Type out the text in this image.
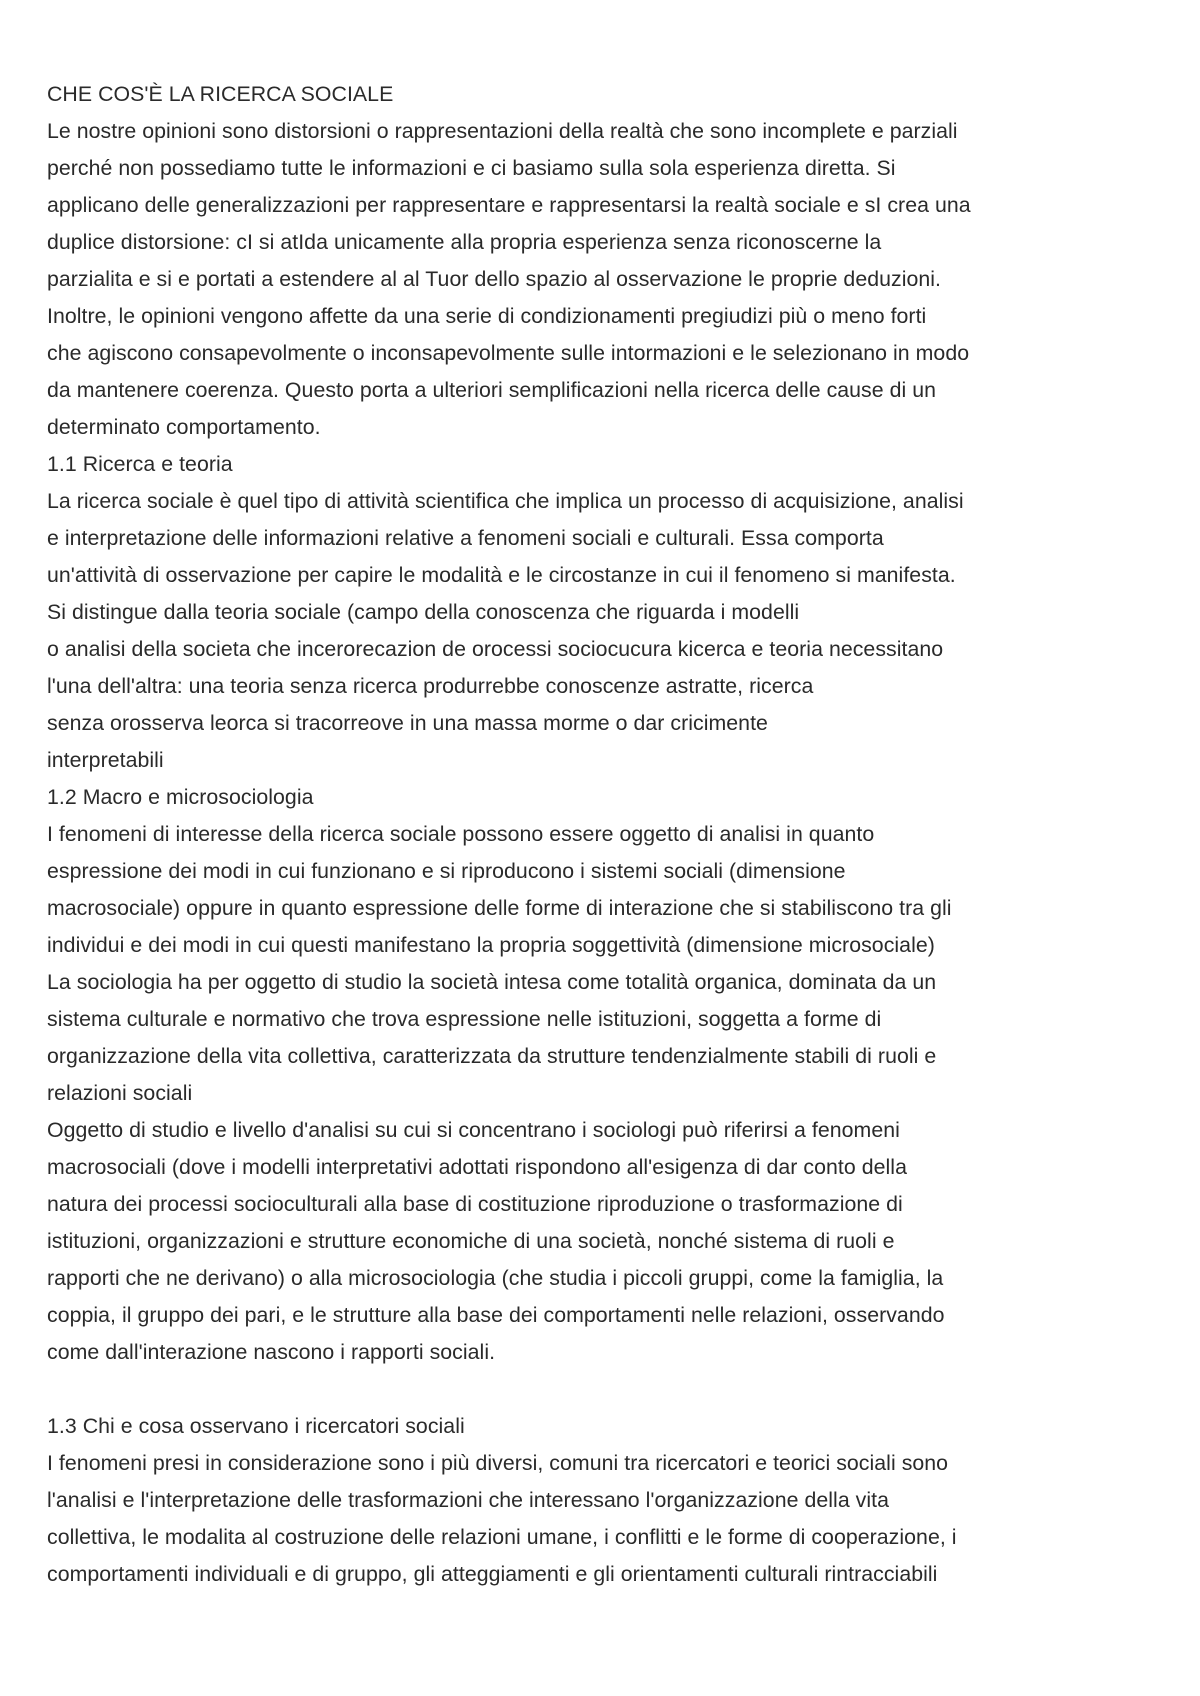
CHE COS'È LA RICERCA SOCIALE
Le nostre opinioni sono distorsioni o rappresentazioni della realtà che sono incomplete e parziali
perché non possediamo tutte le informazioni e ci basiamo sulla sola esperienza diretta. Si
applicano delle generalizzazioni per rappresentare e rappresentarsi la realtà sociale e sI crea una
duplice distorsione: cI si atIda unicamente alla propria esperienza senza riconoscerne la
parzialita e si e portati a estendere al al Tuor dello spazio al osservazione le proprie deduzioni.
Inoltre, le opinioni vengono affette da una serie di condizionamenti pregiudizi più o meno forti
che agiscono consapevolmente o inconsapevolmente sulle intormazioni e le selezionano in modo
da mantenere coerenza. Questo porta a ulteriori semplificazioni nella ricerca delle cause di un
determinato comportamento.
1.1 Ricerca e teoria
La ricerca sociale è quel tipo di attività scientifica che implica un processo di acquisizione, analisi
e interpretazione delle informazioni relative a fenomeni sociali e culturali. Essa comporta
un'attività di osservazione per capire le modalità e le circostanze in cui il fenomeno si manifesta.
Si distingue dalla teoria sociale (campo della conoscenza che riguarda i modelli
o analisi della societa che incerorecazion de orocessi sociocucura kicerca e teoria necessitano
l'una dell'altra: una teoria senza ricerca produrrebbe conoscenze astratte, ricerca
senza orosserva leorca si tracorreove in una massa morme o dar cricimente
interpretabili
1.2 Macro e microsociologia
I fenomeni di interesse della ricerca sociale possono essere oggetto di analisi in quanto
espressione dei modi in cui funzionano e si riproducono i sistemi sociali (dimensione
macrosociale) oppure in quanto espressione delle forme di interazione che si stabiliscono tra gli
individui e dei modi in cui questi manifestano la propria soggettività (dimensione microsociale)
La sociologia ha per oggetto di studio la società intesa come totalità organica, dominata da un
sistema culturale e normativo che trova espressione nelle istituzioni, soggetta a forme di
organizzazione della vita collettiva, caratterizzata da strutture tendenzialmente stabili di ruoli e
relazioni sociali
Oggetto di studio e livello d'analisi su cui si concentrano i sociologi può riferirsi a fenomeni
macrosociali (dove i modelli interpretativi adottati rispondono all'esigenza di dar conto della
natura dei processi socioculturali alla base di costituzione riproduzione o trasformazione di
istituzioni, organizzazioni e strutture economiche di una società, nonché sistema di ruoli e
rapporti che ne derivano) o alla microsociologia (che studia i piccoli gruppi, come la famiglia, la
coppia, il gruppo dei pari, e le strutture alla base dei comportamenti nelle relazioni, osservando
come dall'interazione nascono i rapporti sociali.
1.3 Chi e cosa osservano i ricercatori sociali
I fenomeni presi in considerazione sono i più diversi, comuni tra ricercatori e teorici sociali sono
l'analisi e l'interpretazione delle trasformazioni che interessano l'organizzazione della vita
collettiva, le modalita al costruzione delle relazioni umane, i conflitti e le forme di cooperazione, i
comportamenti individuali e di gruppo, gli atteggiamenti e gli orientamenti culturali rintracciabili
